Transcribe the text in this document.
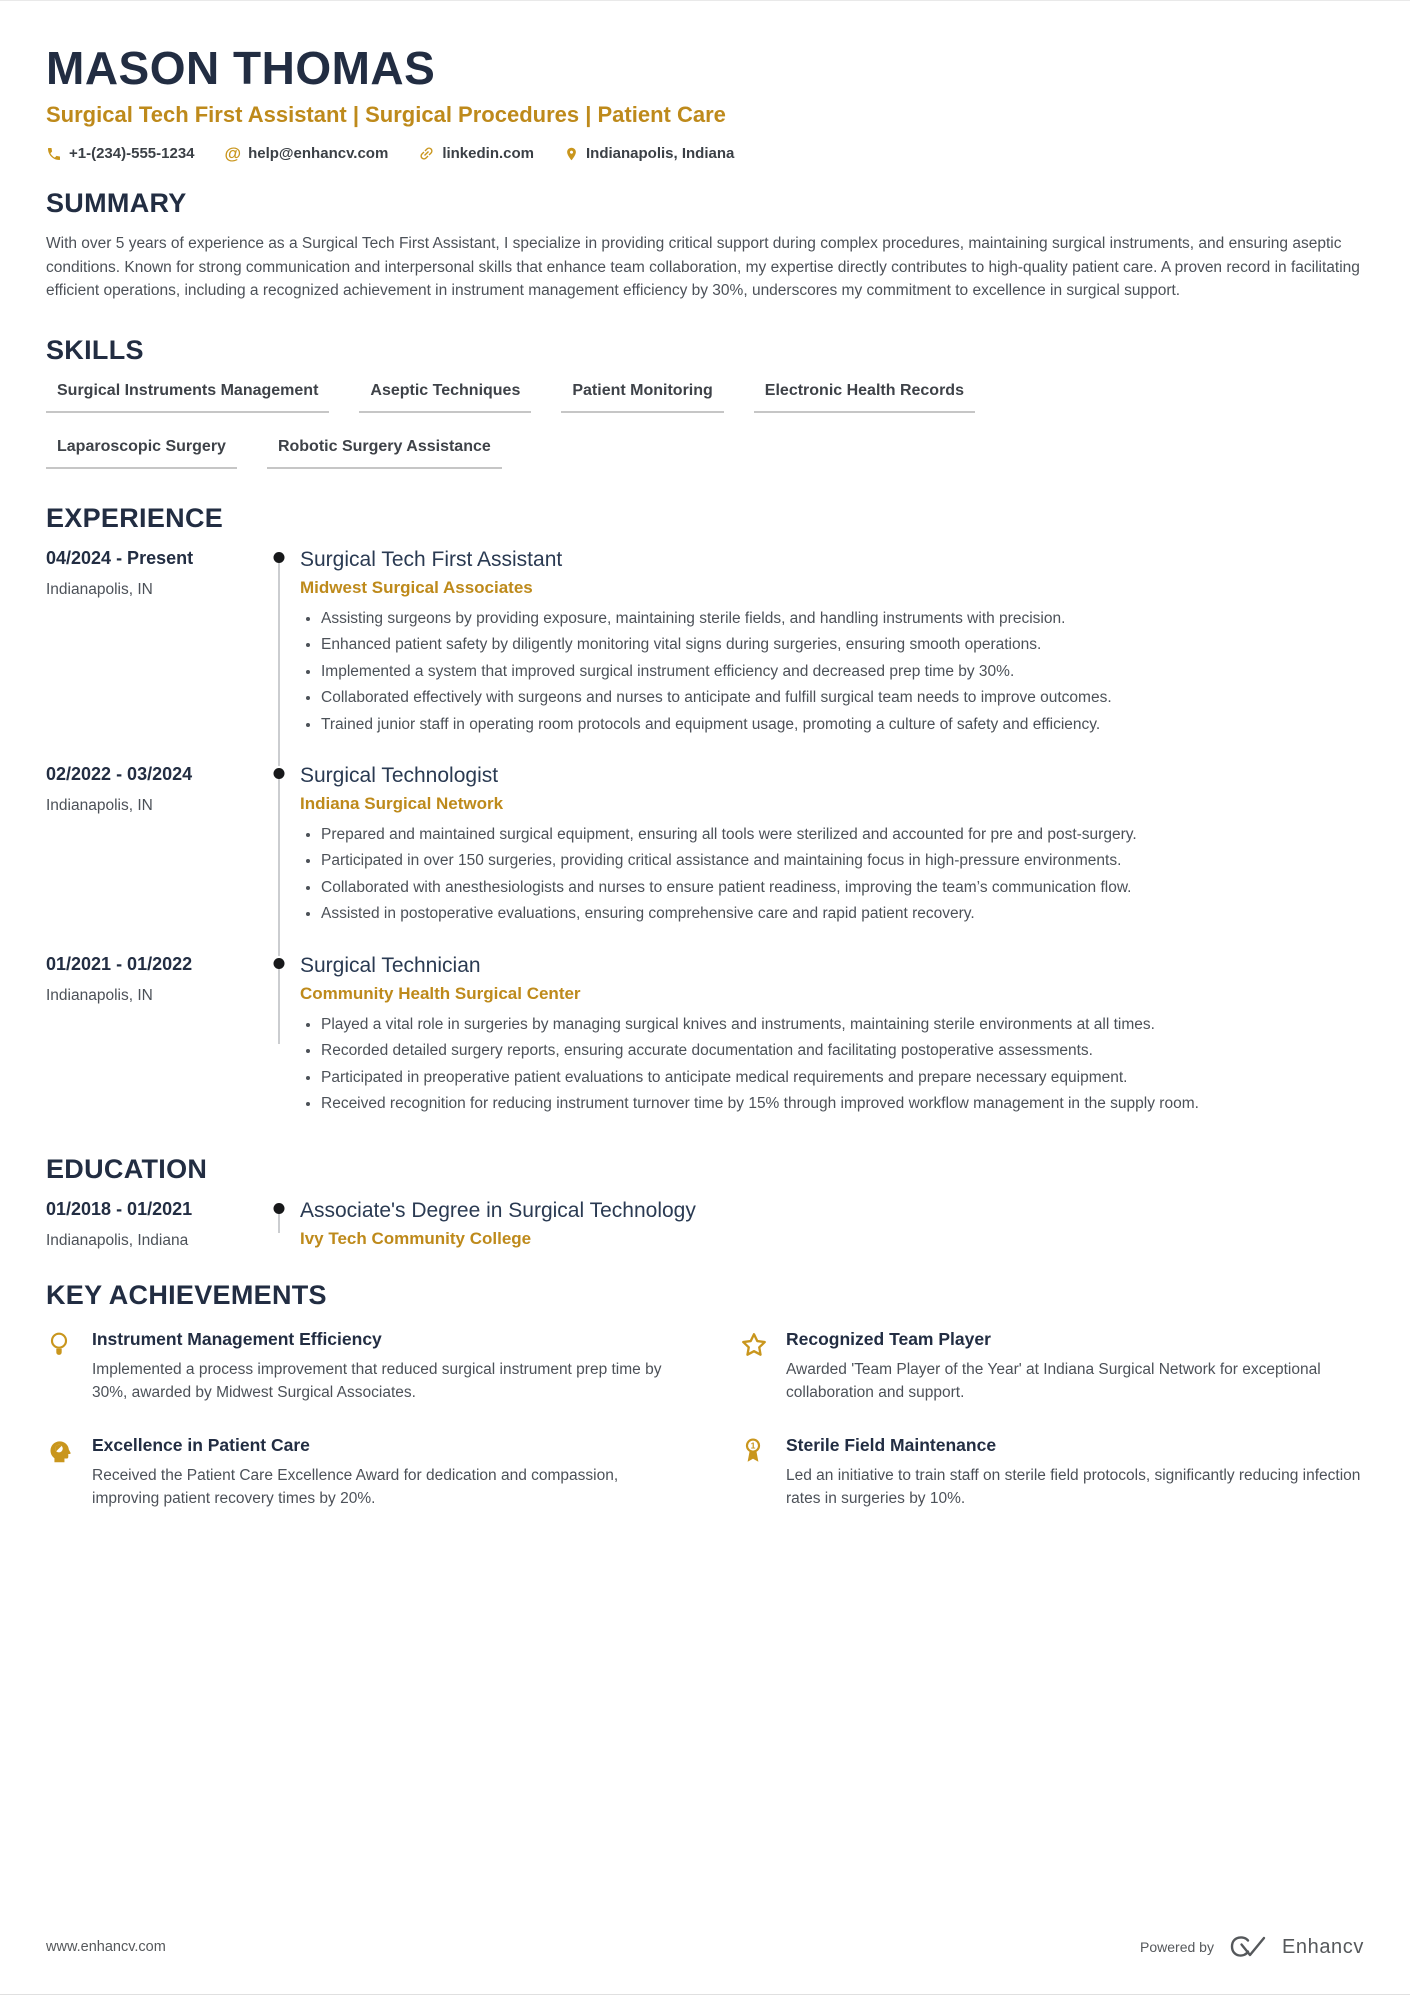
MASON THOMAS
Surgical Tech First Assistant | Surgical Procedures | Patient Care
+1-(234)-555-1234 @ help@enhancv.com	linkedin.com	Indianapolis, Indiana
SUMMARY
With over 5 years of experience as a Surgical Tech First Assistant, I specialize in providing critical support during complex procedures, maintaining surgical instruments, and ensuring aseptic conditions. Known for strong communication and interpersonal skills that enhance team collaboration, my expertise directly contributes to high-quality patient care. A proven record in facilitating efficient operations, including a recognized achievement in instrument management efficiency by 30%, underscores my commitment to excellence in surgical support.
SKILLS
Surgical Instruments Management	Aseptic Techniques	Patient Monitoring	Electronic Health Records
Laparoscopic Surgery	Robotic Surgery Assistance
EXPERIENCE
04/2024 - Present
Indianapolis, IN
Surgical Tech First Assistant
Midwest Surgical Associates
• Assisting surgeons by providing exposure, maintaining sterile fields, and handling instruments with precision.
• Enhanced patient safety by diligently monitoring vital signs during surgeries, ensuring smooth operations.
• Implemented a system that improved surgical instrument efficiency and decreased prep time by 30%.
• Collaborated effectively with surgeons and nurses to anticipate and fulfill surgical team needs to improve outcomes.
• Trained junior staff in operating room protocols and equipment usage, promoting a culture of safety and efficiency.
02/2022 - 03/2024
Indianapolis, IN
Surgical Technologist
Indiana Surgical Network
• Prepared and maintained surgical equipment, ensuring all tools were sterilized and accounted for pre and post-surgery.
• Participated in over 150 surgeries, providing critical assistance and maintaining focus in high-pressure environments.
• Collaborated with anesthesiologists and nurses to ensure patient readiness, improving the team’s communication flow.
• Assisted in postoperative evaluations, ensuring comprehensive care and rapid patient recovery.
01/2021 - 01/2022
Indianapolis, IN
Surgical Technician
Community Health Surgical Center
• Played a vital role in surgeries by managing surgical knives and instruments, maintaining sterile environments at all times.
• Recorded detailed surgery reports, ensuring accurate documentation and facilitating postoperative assessments.
• Participated in preoperative patient evaluations to anticipate medical requirements and prepare necessary equipment.
• Received recognition for reducing instrument turnover time by 15% through improved workflow management in the supply room.
EDUCATION
01/2018 - 01/2021
Indianapolis, Indiana
Associate's Degree in Surgical Technology
Ivy Tech Community College
KEY ACHIEVEMENTS
Instrument Management Efficiency
Implemented a process improvement that reduced surgical instrument prep time by 30%, awarded by Midwest Surgical Associates.
Recognized Team Player
Awarded 'Team Player of the Year' at Indiana Surgical Network for exceptional collaboration and support.
Excellence in Patient Care
Received the Patient Care Excellence Award for dedication and compassion, improving patient recovery times by 20%.
1 Sterile Field Maintenance
Led an initiative to train staff on sterile field protocols, significantly reducing infection rates in surgeries by 10%.
www.enhancv.com	Powered by	Enhancv
